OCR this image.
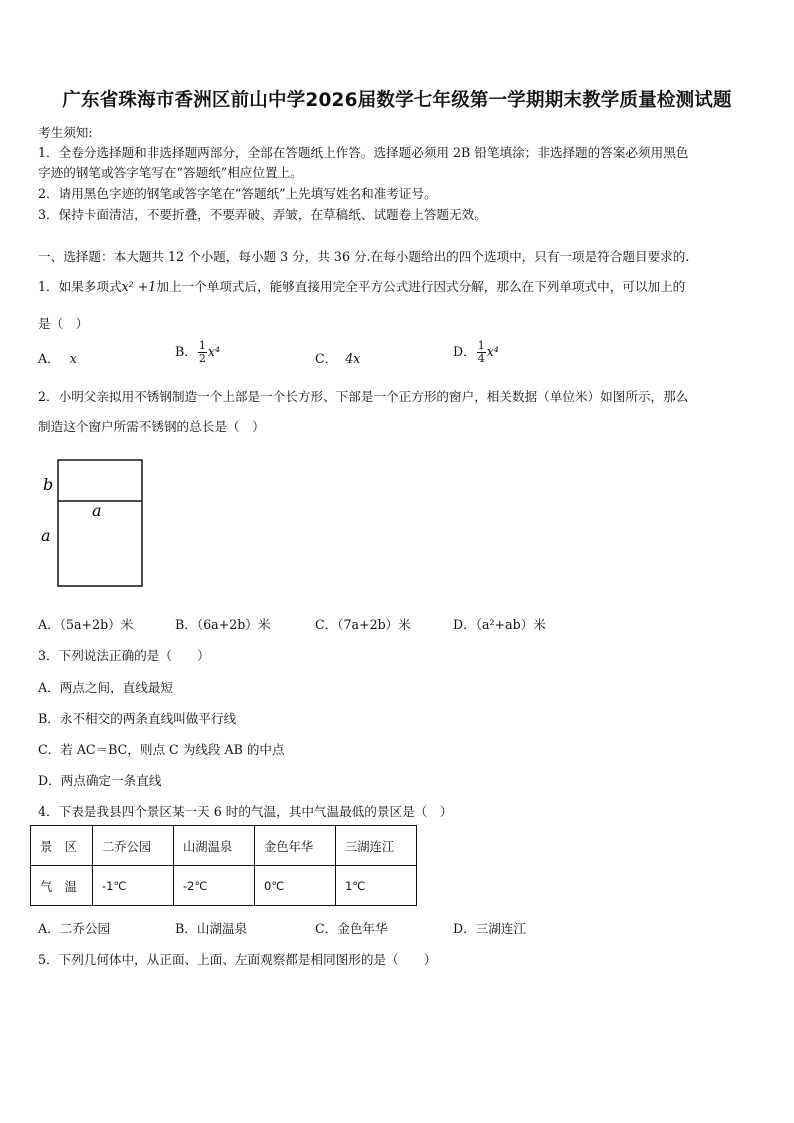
广东省珠海市香洲区前山中学2026届数学七年级第一学期期末教学质量检测试题
考生须知:
1．全卷分选择题和非选择题两部分，全部在答题纸上作答。选择题必须用 2B 铅笔填涂；非选择题的答案必须用黑色
字迹的钢笔或答字笔写在“答题纸”相应位置上。
2．请用黑色字迹的钢笔或答字笔在“答题纸”上先填写姓名和准考证号。
3．保持卡面清洁，不要折叠，不要弄破、弄皱，在草稿纸、试题卷上答题无效。
一、选择题：本大题共 12 个小题，每小题 3 分，共 36 分.在每小题给出的四个选项中，只有一项是符合题目要求的.
1．如果多项式x² +1加上一个单项式后，能够直接用完全平方公式进行因式分解，那么在下列单项式中，可以加上的
是（　）
A． x	B． $\frac{1}{2} x^4$	C． 4x	D． $\frac{1}{4} x^4$
2．小明父亲拟用不锈钢制造一个上部是一个长方形、下部是一个正方形的窗户，相关数据（单位米）如图所示，那么
制造这个窗户所需不锈钢的总长是（　）
b
a
a
A．（5a+2b）米	B．（6a+2b）米	C．（7a+2b）米	D．（a²+ab）米
3．下列说法正确的是（　　）
A．两点之间，直线最短
B．永不相交的两条直线叫做平行线
C．若 AC＝BC，则点 C 为线段 AB 的中点
D．两点确定一条直线
4．下表是我县四个景区某一天 6 时的气温，其中气温最低的景区是（　）
景　区	二乔公园	山湖温泉	金色年华	三湖连江
气　温	-1℃	-2℃	0℃	1℃
A．二乔公园	B．山湖温泉	C．金色年华	D．三湖连江
5．下列几何体中，从正面、上面、左面观察都是相同图形的是（　　）
